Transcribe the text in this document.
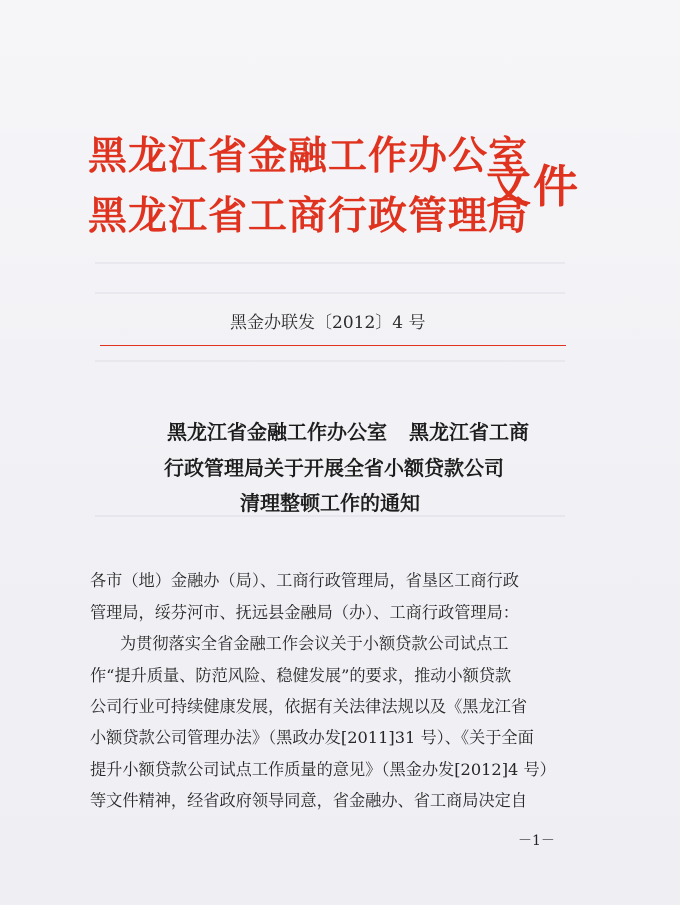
黑龙江省金融工作办公室
黑龙江省工商行政管理局
文件
黑金办联发〔2012〕4 号
黑龙江省金融工作办公室 黑龙江省工商
行政管理局关于开展全省小额贷款公司
清理整顿工作的通知
各市（地）金融办（局）、工商行政管理局，省垦区工商行政
管理局，绥芬河市、抚远县金融局（办）、工商行政管理局：
为贯彻落实全省金融工作会议关于小额贷款公司试点工
作“提升质量、防范风险、稳健发展”的要求，推动小额贷款
公司行业可持续健康发展，依据有关法律法规以及《黑龙江省
小额贷款公司管理办法》（黑政办发[2011]31 号）、《关于全面
提升小额贷款公司试点工作质量的意见》（黑金办发[2012]4 号）
等文件精神，经省政府领导同意，省金融办、省工商局决定自
－1－
